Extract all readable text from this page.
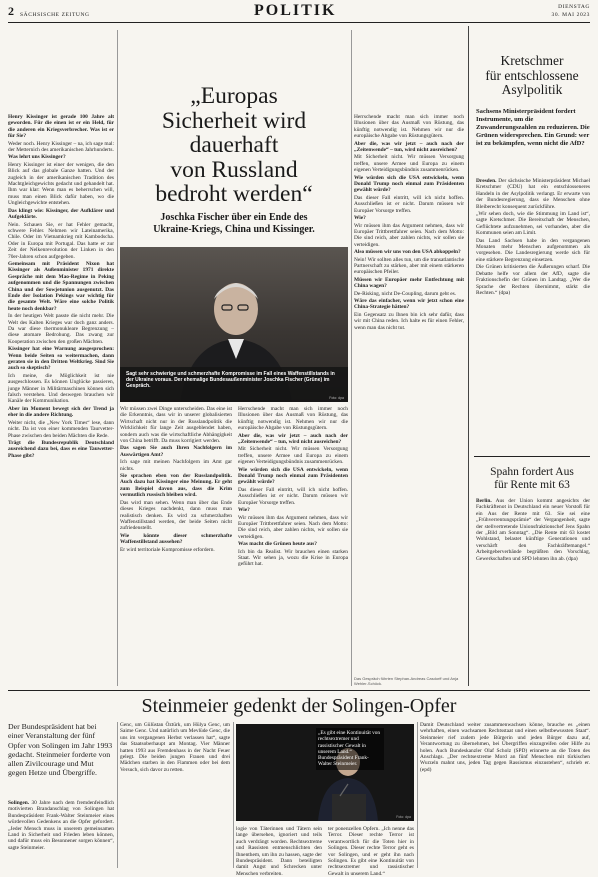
2 SÄCHSISCHE ZEITUNG	POLITIK	DIENSTAG
30. MAI 2023
„Europas
Sicherheit wird
dauerhaft
von Russland
bedroht werden“
Joschka Fischer über ein Ende des
Ukraine-Kriegs, China und Kissinger.
Sagt sehr schwierige und schmerzhafte Kompromisse im Fall eines Waffenstillstands in der Ukraine voraus. Der ehemalige Bundesaußenminister Joschka Fischer (Grüne) im Gespräch.
Foto: dpa

Henry Kissinger ist gerade 100 Jahre alt geworden. Für die einen ist er ein Held, für die anderen ein Kriegsverbrecher. Was ist er für Sie?

Weder noch. Henry Kissinger – na, ich sage mal: der Metternich des amerikanischen Jahrhunderts.

Was lehrt uns Kissinger?

Henry Kissinger ist einer der wenigen, die den Blick auf das globale Ganze hatten. Und der zugleich in der amerikanischen Tradition des Machtgleichgewichts gedacht und gehandelt hat. Ihm war klar: Wenn man es beherrschen will, muss man einen Blick dafür haben, wo die Ungleichgewichte entstehen.

Das klingt wie: Kissinger, der Aufklärer und Aufgeklärte.

Nein. Schauen Sie, er hat Fehler gemacht, schwere Fehler. Nehmen wir Lateinamerika, Chile. Oder im Vietnamkrieg mit Kambodscha. Oder in Europa mit Portugal. Das hatte er zur Zeit der Nelkenrevolution der Linken in den 70er-Jahren schon aufgegeben.

Gemeinsam mit Präsident Nixon hat Kissinger als Außenminister 1971 direkte Gespräche mit dem Mao-Regime in Peking aufgenommen und die Spannungen zwischen China und der Sowjetunion ausgenutzt. Das Ende der Isolation Pekings war wichtig für die gesamte Welt. Wäre eine solche Politik heute noch denkbar?

In der heutigen Welt passte die nicht mehr. Die Welt des Kalten Krieges war doch ganz anders. Da war diese thermonukleare Begrenzung – diese atomare Bedrohung. Das zwang zur Kooperation zwischen den großen Mächten.

Kissinger hat eine Warnung ausgesprochen: Wenn beide Seiten so weitermachen, dann geraten sie in den Dritten Weltkrieg. Sind Sie auch so skeptisch?

Ich meine, die Möglichkeit ist nie ausgeschlossen. Es können Unglücke passieren, junge Männer in Militärmaschinen können sich falsch verstehen. Und deswegen brauchen wir Kanäle der Kommunikation.

Aber im Moment bewegt sich der Trend ja eher in die andere Richtung.

Weiter nicht, die „New York Times“ lese, dann nicht. Da ist von einer kommenden Taurvetter-Phase zwischen den beiden Mächten die Rede.

Trägt die Bundesrepublik Deutschland ausreichend dazu bei, dass es eine Tauwetter-Phase gibt?

Wir müssen zwei Dinge unterscheiden. Das eine ist die Erkenntnis, dass wir in unserer globalisierten Wirtschaft nicht nur in der Russlandpolitik die Wirklichkeit für lange Zeit ausgeblendet haben, sondern auch was die wirtschaftliche Abhängigkeit von China betrifft. Da muss korrigiert werden.

Das sagen Sie auch Ihren Nachfolgern im Auswärtigen Amt?

Ich sage mit meinen Nachfolgern im Amt gar nichts.

Sie sprachen eben von der Russlandpolitik. Auch dazu hat Kissinger eine Meinung. Er geht zum Beispiel davon aus, dass die Krim vermutlich russisch bleiben wird.

Das wird man sehen. Wenn man über das Ende dieses Krieges nachdenkt, dann muss man realistisch denken. Es wird zu schmerzhaften Waffenstillstand werden, der beide Seiten nicht zufriedenstellt.

Wie könnte dieser schmerzhafte Waffenstillstand aussehen?

Er wird territoriale Kompromisse erfordern.

Herrschende macht man sich immer noch Illusionen über das Ausmaß von Rüstung, das künftig notwendig ist. Nehmen wir nur die europäische Abgabe von Rüstungsgütern.

Aber die, was wir jetzt – auch nach der „Zeitenwende“ – tun, wird nicht ausreichen?

Mit Sicherheit nicht. Wir müssen Versorgung treffen, unsere Armee und Europa zu einem eigenen Verteidigungsbündnis zusammenrücken.

Wie würden sich die USA entwickeln, wenn Donald Trump noch einmal zum Präsidenten gewählt würde?

Das dieser Fall eintritt, will ich nicht hoffen. Ausschließen ist er nicht. Darum müssen wir Europäer Vorsorge treffen.

Wie?

Wir müssen ihm das Argument nehmen, dass wir Europäer Trittbrettfahrer seien. Nach dem Motto: Die sind reich, aber zahlen nichts, wir sollen sie verteidigen.

Was macht die Grünen heute aus?

Ich bin da Realist. Wir brauchen einen starken Staat. Wir sehen ja, wozu die Krise in Europa geführt hat.

Herrschende macht man sich immer noch Illusionen über das Ausmaß von Rüstung, das künftig notwendig ist. Nehmen wir nur die europäische Abgabe von Rüstungsgütern.

Aber die, was wir jetzt – auch nach der „Zeitenwende“ – tun, wird nicht ausreichen?

Mit Sicherheit nicht. Wir müssen Versorgung treffen, unsere Armee und Europa zu einem eigenen Verteidigungsbündnis zusammenrücken.

Wie würden sich die USA entwickeln, wenn Donald Trump noch einmal zum Präsidenten gewählt würde?

Das dieser Fall eintritt, will ich nicht hoffen. Ausschließen ist er nicht. Darum müssen wir Europäer Vorsorge treffen.

Wie?

Wir müssen ihm das Argument nehmen, dass wir Europäer Trittbrettfahrer seien. Nach dem Motto: Die sind reich, aber zahlen nichts, wir sollen sie verteidigen.

Also müssen wir uns von den USA abkoppeln?

Nein! Wir sollten alles tun, um die transatlantische Partnerschaft zu stärken, aber mit einem stärkeren europäischen Pfeiler.

Müssen wir Europäer mehr Entfechtung mit China wagen?

De-Risking, nicht De-Coupling, darum geht es.

Wäre das einfacher, wenn wir jetzt schon eine China-Strategie hätten?

Ein Gegensatz zu Ihnen bin ich sehr dafür, dass wir mit China reden. Ich halte es für einen Fehler, wenn man das nicht tut.

Das Gespräch führten Stephan-Andreas Casdorff und Anja Wehler-Schöck.
Kretschmer
für entschlossene
Asylpolitik
Sachsens Ministerpräsident fordert Instrumente, um die Zuwanderungszahlen zu reduzieren. Die Grünen widersprechen. Ein Grund: wer ist zu bekämpfen, wenn nicht die AfD?

Dresden. Der sächsische Ministerpräsident Michael Kretschmer (CDU) hat ein entschlosseneres Handeln in der Asylpolitik verlangt. Er erwarte von der Bundesregierung, dass sie Menschen ohne Bleiberecht konsequent zurückführe.

„Wir sehen doch, wie die Stimmung im Land ist“, sagte Kretschmer. Die Bereitschaft der Menschen, Geflüchtete aufzunehmen, sei vorhanden, aber die Kommunen seien am Limit.

Das Land Sachsen habe in den vergangenen Monaten mehr Menschen aufgenommen als vorgesehen. Die Landesregierung werde sich für eine stärkere Begrenzung einsetzen.

Die Grünen kritisierten die Äußerungen scharf. Die Debatte helfe vor allem der AfD, sagte die Fraktionschefin der Grünen im Landtag. „Wer die Sprache der Rechten übernimmt, stärkt die Rechten.“ (dpa)

Spahn fordert Aus
für Rente mit 63

Berlin. Aus der Union kommt angesichts der Fachkräftenot in Deutschland ein neuer Vorstoß für ein Aus der Rente mit 63. Sie sei eine „Frühverrentungsprämie“ der Vergangenheit, sagte der stellvertretende Unionsfraktionschef Jens Spahn der „Bild am Sonntag“. „Die Rente mit 63 kostet Wohlstand, belastet künftige Generationen und verschärft den Fachkräftemangel.“ Arbeitgeberverbände begrüßten den Vorschlag, Gewerkschaften und SPD lehnten ihn ab. (dpa)

Steinmeier gedenkt der Solingen-Opfer
Der Bundespräsident hat bei einer Veranstaltung der fünf Opfer von Solingen im Jahr 1993 gedacht. Steinmeier forderte von allen Zivilcourage und Mut gegen Hetze und Übergriffe.

Solingen. 30 Jahre nach dem fremdenfeindlich motivierten Brandanschlag von Solingen hat Bundespräsident Frank-Walter Steinmeier eines würdevollen Gedenkens an die Opfer gefordert. „Jeder Mensch muss in unserem gemeinsamen Land in Sicherheit und Frieden leben können, und dafür muss ein Besonnener sorgen können“, sagte Steinmeier.

Genc, um Gülüstan Öztürk, um Hülya Genc, um Saime Genc. Und natürlich um Mevlüde Genc, die uns im vergangenen Herbst verlassen hat“, sagte das Staatsoberhaupt am Montag. Vier Männer hatten 1993 aus Fremdenhass in der Nacht Feuer gelegt. Die beiden jungen Frauen und drei Mädchen starben in den Flammen oder bei dem Versuch, sich davor zu retten.
Foto: dpa
„Es gibt eine Kontinuität von rechtsextremer und rassistischer Gewalt in unserem Land.“ Bundespräsident Frank-Walter Steinmeier.
logie von Täterinnen und Tätern sein lange übersehen, ignoriert und teils auch verdrängt worden. Rechtsextreme und Rassisten entmenschlichten den Ihnenthem, um ihn zu hassen, sagte der Bundespräsident. Dann beteiligten damit Angst und Schrecken unter Menschen verbreiten.
ter ponenzellen Opfern. „Ich nenne das Terror. Dieser rechte Terror ist verantwortlich für die Toten hier in Solingen. Dieser rechte Terror geht es vor Solingen, und er geht ihn nach Solingen. Es gibt eine Kontinuität von rechtsextremer und rassistischer Gewalt in unserem Land.“
Damit Deutschland weiter zusammenwachsen könne, brauche es „einen wehrhaften, einen wachsamen Rechtsstaat und einen selbstbewussten Staat“. Steinmeier rief zudem jede Bürgerin und jeden Bürger dazu auf, Verantwortung zu übernehmen, bei Übergriffen einzugreifen oder Hilfe zu holen. Auch Bundeskanzler Olaf Scholz (SPD) erinnerte an die Toten des Anschlags. „Der rechtsextreme Mord an fünf Menschen mit türkischen Wurzeln mahnt uns, jeden Tag gegen Rassismus einzustehen“, schrieb er. (epd)
